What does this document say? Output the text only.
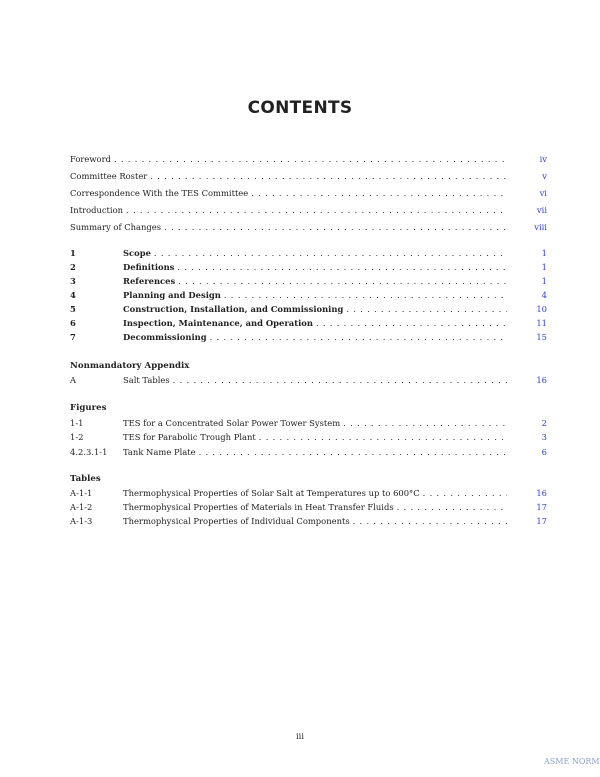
CONTENTS
Foreword . . .	iv
Committee Roster . . .	v
Correspondence With the TES Committee . . .	vi
Introduction . . .	vii
Summary of Changes . . .	viii
1	Scope . . .	1
2	Definitions . . .	1
3	References . . .	1
4	Planning and Design . . .	4
5	Construction, Installation, and Commissioning . . .	10
6	Inspection, Maintenance, and Operation . . .	11
7	Decommissioning . . .	15
A	Salt Tables . . .	16
1-1	TES for a Concentrated Solar Power Tower System . . .	2
1-2	TES for Parabolic Trough Plant . . .	3
4.2.3.1-1	Tank Name Plate . . .	6
A-1-1	Thermophysical Properties of Solar Salt at Temperatures up to 600°C . . .	16
A-1-2	Thermophysical Properties of Materials in Heat Transfer Fluids . . .	17
A-1-3	Thermophysical Properties of Individual Components . . .	17
Nonmandatory Appendix
Figures
Tables
iii
ASME NORM
